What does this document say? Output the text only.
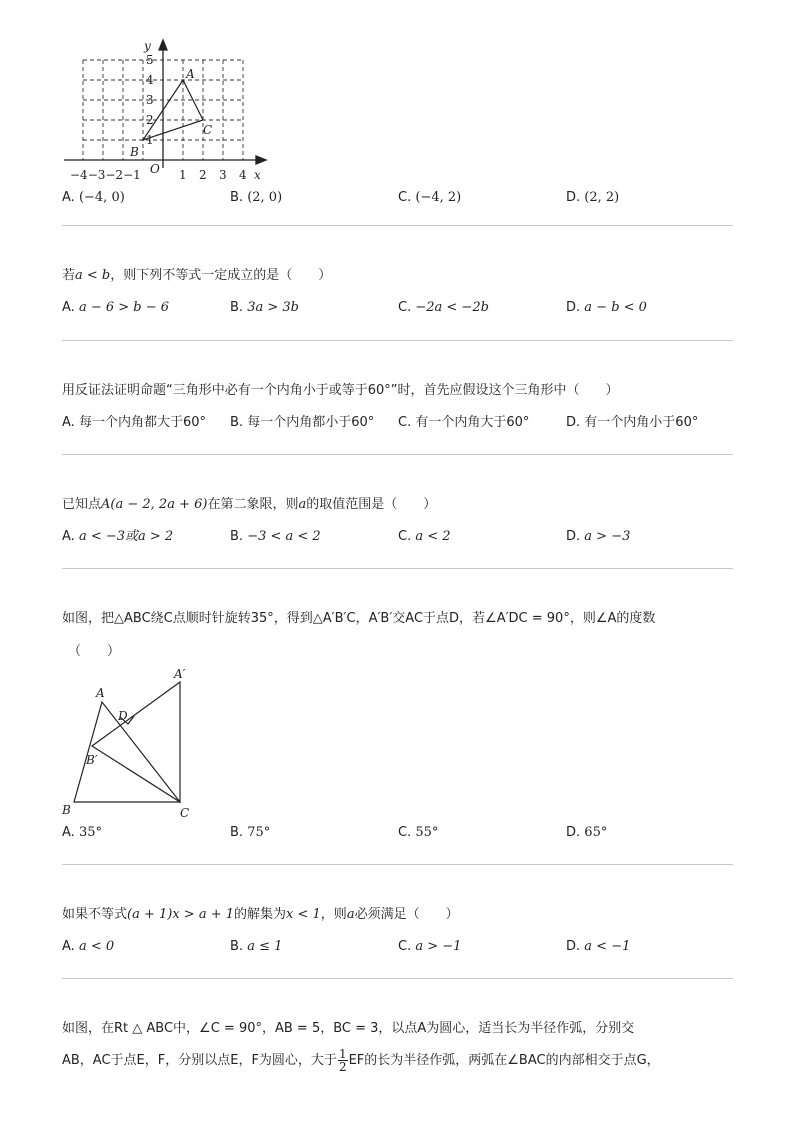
y
x
O
A
B
C
5
4
3
2
1
−4−3−2−1	1 2 3 4
A. (−4, 0)	B. (2, 0)	C. (−4, 2)	D. (2, 2)
若a < b，则下列不等式一定成立的是（　　）
A. a − 6 > b − 6	B. 3a > 3b	C. −2a < −2b	D. a − b < 0
用反证法证明命题“三角形中必有一个内角小于或等于60°”时，首先应假设这个三角形中（　　）
A. 每一个内角都大于60° B. 每一个内角都小于60° C. 有一个内角大于60°	D. 有一个内角小于60°
已知点A(a − 2, 2a + 6)在第二象限，则a的取值范围是（　　）
A. a < −3或a > 2	B. −3 < a < 2	C. a < 2	D. a > −3
如图，把△ABC绕C点顺时针旋转35°，得到△A′B′C，A′B′交AC于点D，若∠A′DC = 90°，则∠A的度数
（　　）
A
A′
B
B′
C
D
A. 35°	B. 75°	C. 55°	D. 65°
如果不等式(a + 1)x > a + 1的解集为x < 1，则a必须满足（　　）
A. a < 0	B. a ≤ 1	C. a > −1	D. a < −1
如图，在Rt △ ABC中，∠C = 90°，AB = 5，BC = 3，以点A为圆心，适当长为半径作弧，分别交
AB，AC于点E，F，分别以点E，F为圆心，大于 $\frac{1}{2}$ EF的长为半径作弧，两弧在∠BAC的内部相交于点G，
